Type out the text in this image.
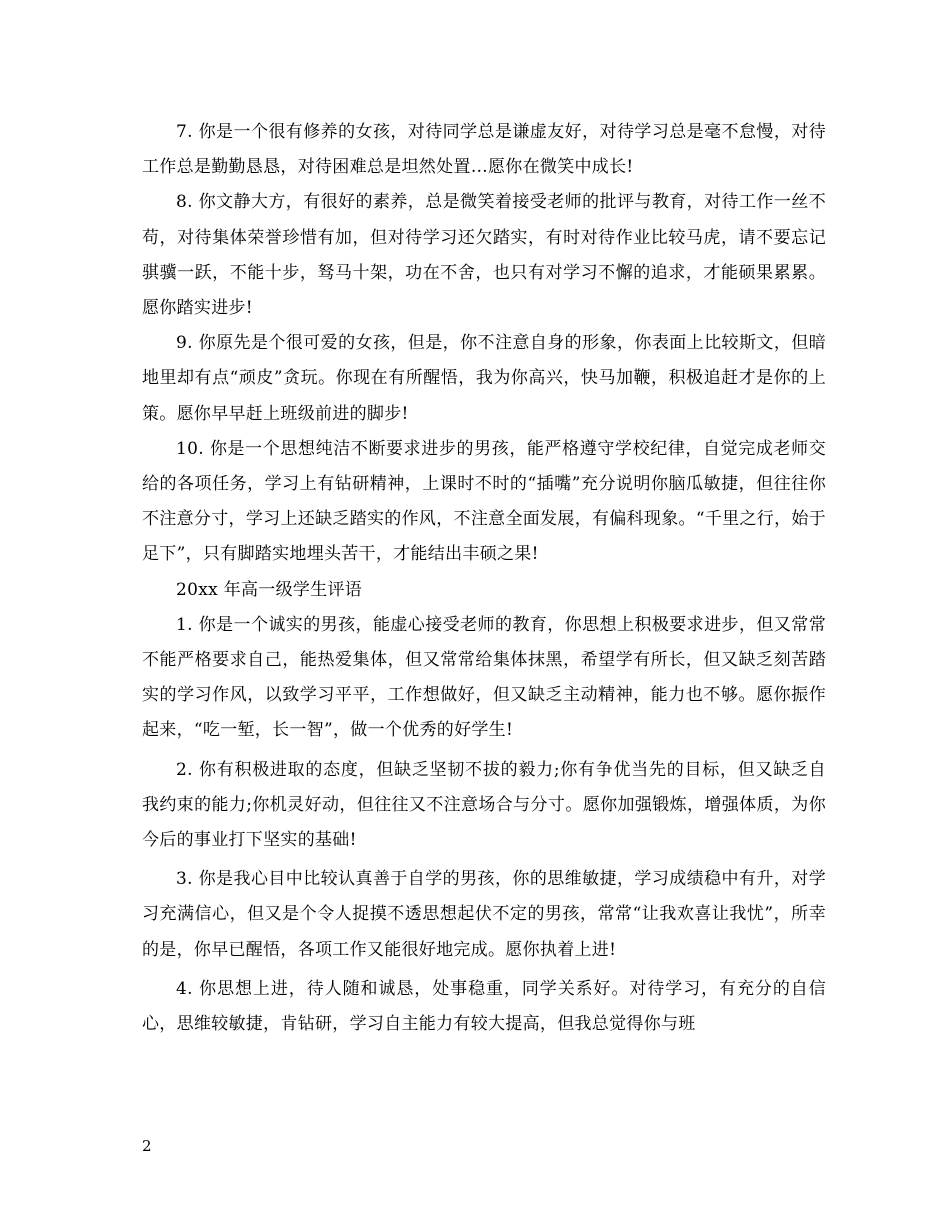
7. 你是一个很有修养的女孩，对待同学总是谦虚友好，对待学习总是毫不怠慢，对待工作总是勤勤恳恳，对待困难总是坦然处置…愿你在微笑中成长!

8. 你文静大方，有很好的素养，总是微笑着接受老师的批评与教育，对待工作一丝不苟，对待集体荣誉珍惜有加，但对待学习还欠踏实，有时对待作业比较马虎，请不要忘记骐骥一跃，不能十步，驽马十架，功在不舍，也只有对学习不懈的追求，才能硕果累累。愿你踏实进步!

9. 你原先是个很可爱的女孩，但是，你不注意自身的形象，你表面上比较斯文，但暗地里却有点“顽皮”贪玩。你现在有所醒悟，我为你高兴，快马加鞭，积极追赶才是你的上策。愿你早早赶上班级前进的脚步!

10. 你是一个思想纯洁不断要求进步的男孩，能严格遵守学校纪律，自觉完成老师交给的各项任务，学习上有钻研精神，上课时不时的“插嘴”充分说明你脑瓜敏捷，但往往你不注意分寸，学习上还缺乏踏实的作风，不注意全面发展，有偏科现象。“千里之行，始于足下”，只有脚踏实地埋头苦干，才能结出丰硕之果!

20xx 年高一级学生评语

1. 你是一个诚实的男孩，能虚心接受老师的教育，你思想上积极要求进步，但又常常不能严格要求自己，能热爱集体，但又常常给集体抹黑，希望学有所长，但又缺乏刻苦踏实的学习作风，以致学习平平，工作想做好，但又缺乏主动精神，能力也不够。愿你振作起来，“吃一堑，长一智”，做一个优秀的好学生!

2. 你有积极进取的态度，但缺乏坚韧不拔的毅力;你有争优当先的目标，但又缺乏自我约束的能力;你机灵好动，但往往又不注意场合与分寸。愿你加强锻炼，增强体质，为你今后的事业打下坚实的基础!

3. 你是我心目中比较认真善于自学的男孩，你的思维敏捷，学习成绩稳中有升，对学习充满信心，但又是个令人捉摸不透思想起伏不定的男孩，常常“让我欢喜让我忧”，所幸的是，你早已醒悟，各项工作又能很好地完成。愿你执着上进!

4. 你思想上进，待人随和诚恳，处事稳重，同学关系好。对待学习，有充分的自信心，思维较敏捷，肯钻研，学习自主能力有较大提高，但我总觉得你与班

2
